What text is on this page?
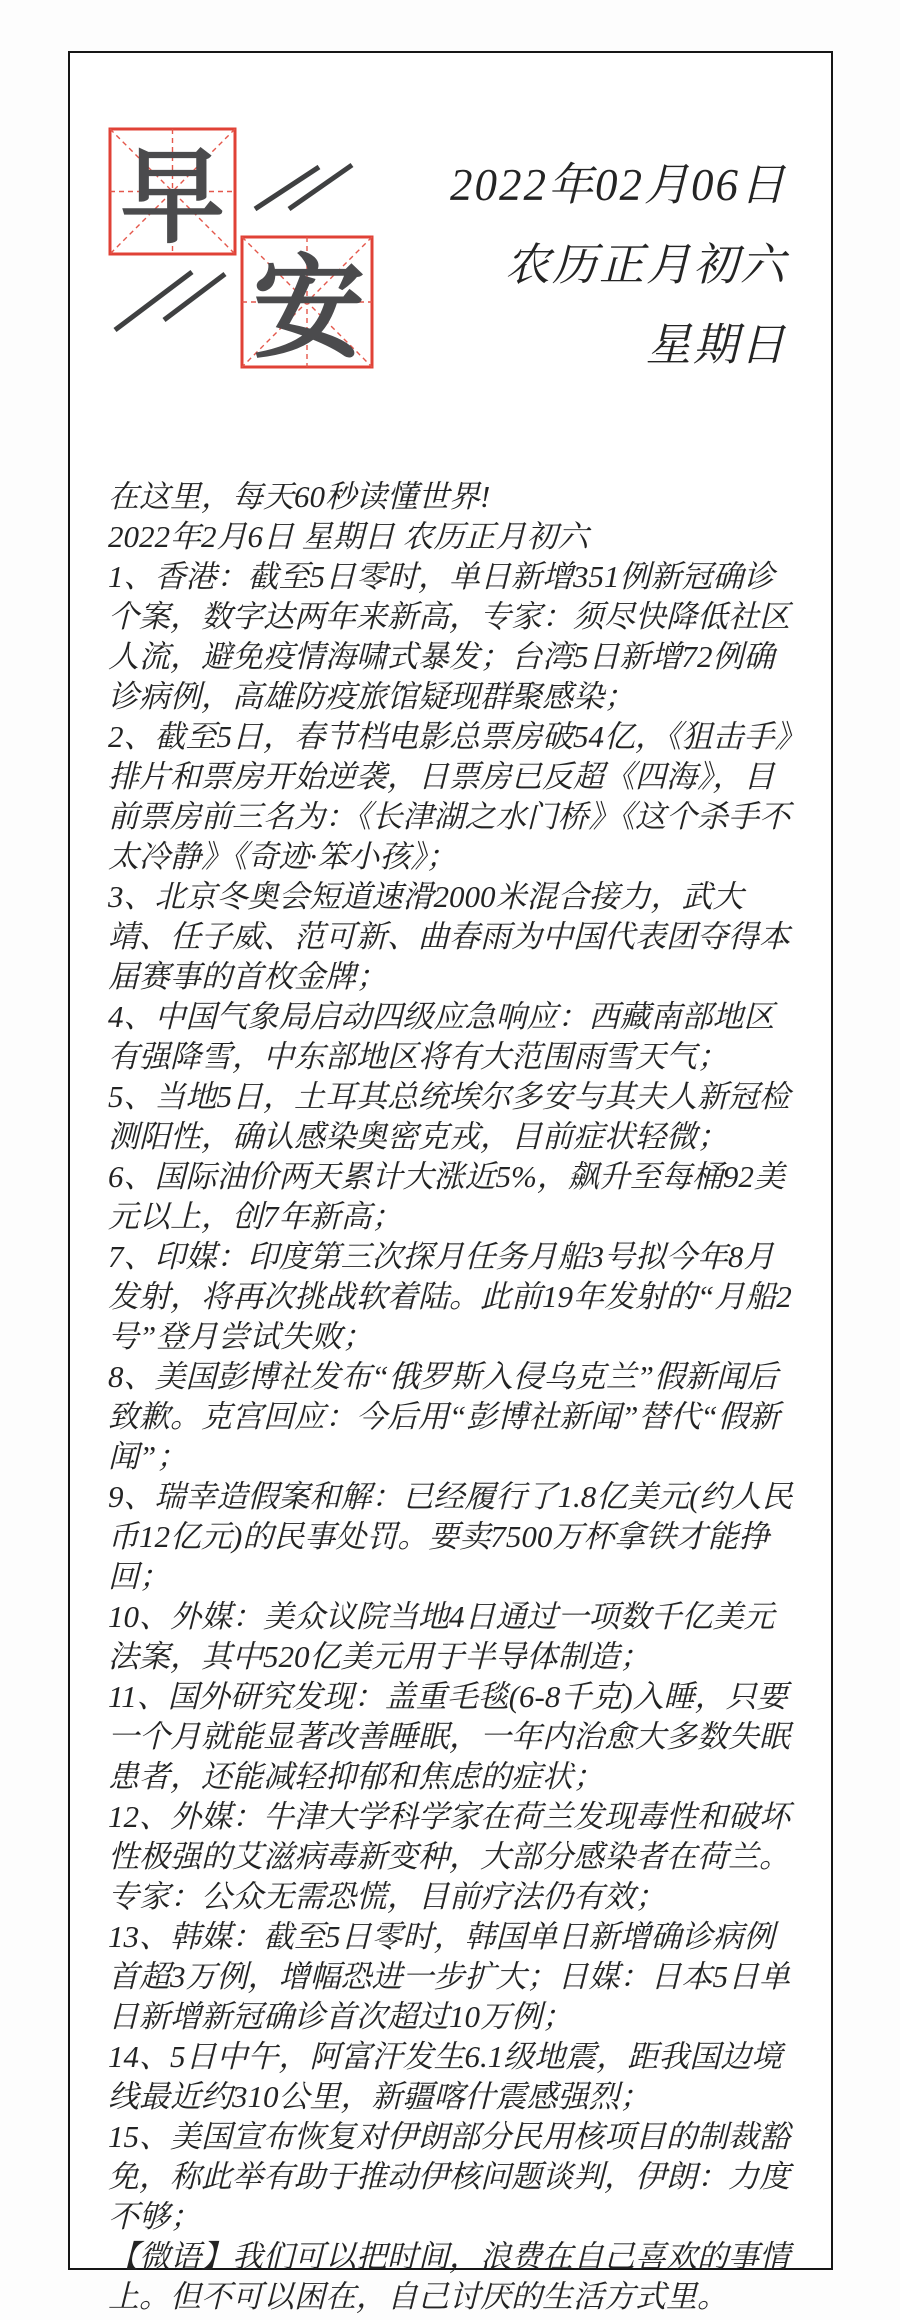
早
安
2022年02月06日
农历正月初六
星期日

在这里，每天60秒读懂世界!

2022年2月6日 星期日 农历正月初六

1、香港：截至5日零时，单日新增351例新冠确诊个案，数字达两年来新高，专家：须尽快降低社区人流，避免疫情海啸式暴发；台湾5日新增72例确诊病例，高雄防疫旅馆疑现群聚感染；

2、截至5日，春节档电影总票房破54亿，《狙击手》排片和票房开始逆袭，日票房已反超《四海》，目前票房前三名为：《长津湖之水门桥》《这个杀手不太冷静》《奇迹·笨小孩》；

3、北京冬奥会短道速滑2000米混合接力，武大靖、任子威、范可新、曲春雨为中国代表团夺得本届赛事的首枚金牌；

4、中国气象局启动四级应急响应：西藏南部地区有强降雪，中东部地区将有大范围雨雪天气；

5、当地5日，土耳其总统埃尔多安与其夫人新冠检测阳性，确认感染奥密克戎，目前症状轻微；

6、国际油价两天累计大涨近5%，飙升至每桶92美元以上，创7年新高；

7、印媒：印度第三次探月任务月船3号拟今年8月发射，将再次挑战软着陆。此前19年发射的“月船2号”登月尝试失败；

8、美国彭博社发布“俄罗斯入侵乌克兰”假新闻后致歉。克宫回应：今后用“彭博社新闻”替代“假新闻”；

9、瑞幸造假案和解：已经履行了1.8亿美元(约人民币12亿元)的民事处罚。要卖7500万杯拿铁才能挣回；

10、外媒：美众议院当地4日通过一项数千亿美元法案，其中520亿美元用于半导体制造；

11、国外研究发现：盖重毛毯(6-8千克)入睡，只要一个月就能显著改善睡眠，一年内治愈大多数失眠患者，还能减轻抑郁和焦虑的症状；

12、外媒：牛津大学科学家在荷兰发现毒性和破坏性极强的艾滋病毒新变种，大部分感染者在荷兰。专家：公众无需恐慌，目前疗法仍有效；

13、韩媒：截至5日零时，韩国单日新增确诊病例首超3万例，增幅恐进一步扩大；日媒：日本5日单日新增新冠确诊首次超过10万例；

14、5日中午，阿富汗发生6.1级地震，距我国边境线最近约310公里，新疆喀什震感强烈；

15、美国宣布恢复对伊朗部分民用核项目的制裁豁免，称此举有助于推动伊核问题谈判，伊朗：力度不够；

【微语】我们可以把时间，浪费在自己喜欢的事情上。但不可以困在，自己讨厌的生活方式里。
